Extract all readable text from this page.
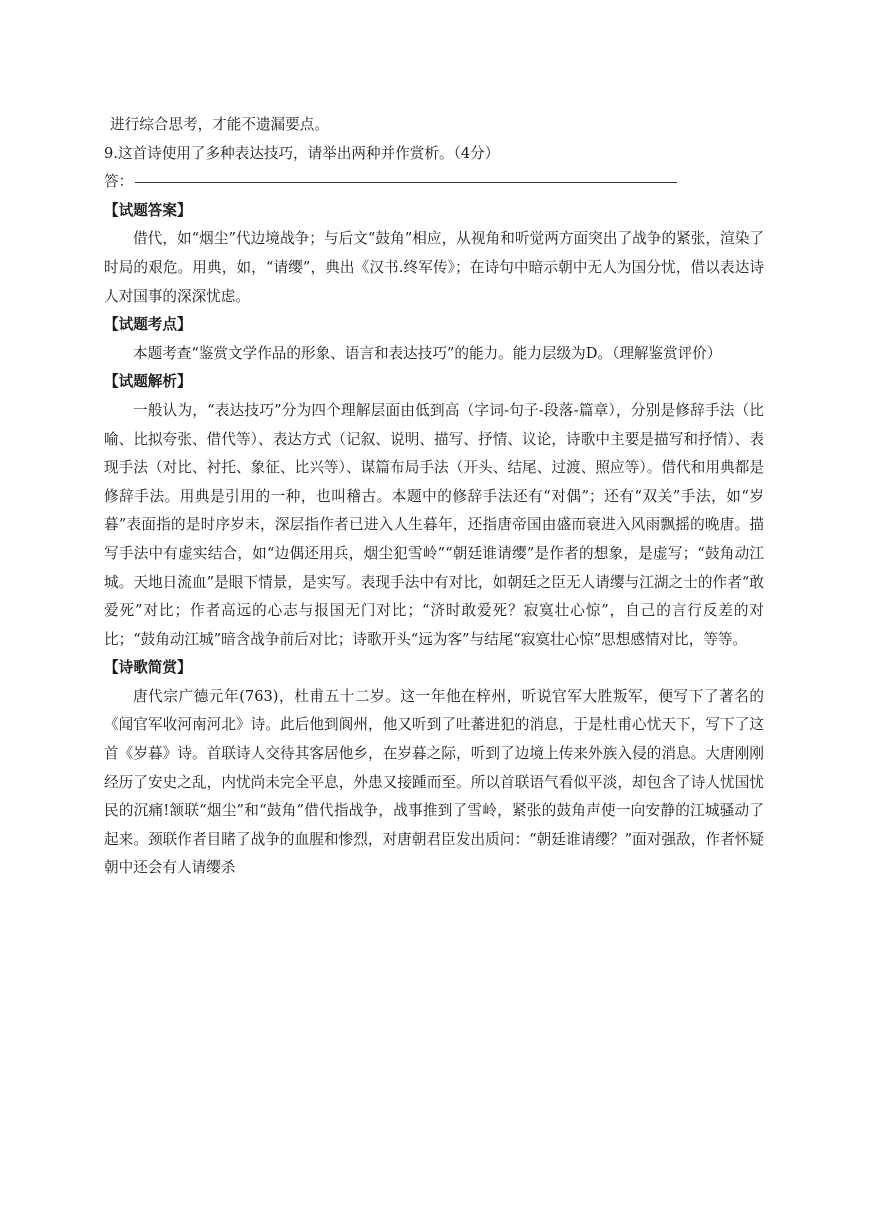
进行综合思考，才能不遗漏要点。

9.这首诗使用了多种表达技巧，请举出两种并作赏析。（4分）

答：

【试题答案】

借代，如“烟尘”代边境战争；与后文“鼓角”相应，从视角和听觉两方面突出了战争的紧张，渲染了时局的艰危。用典，如，“请缨”，典出《汉书.终军传》；在诗句中暗示朝中无人为国分忧，借以表达诗人对国事的深深忧虑。

【试题考点】

本题考查“鉴赏文学作品的形象、语言和表达技巧”的能力。能力层级为D。（理解鉴赏评价）

【试题解析】

一般认为，“表达技巧”分为四个理解层面由低到高（字词-句子-段落-篇章），分别是修辞手法（比喻、比拟夸张、借代等）、表达方式（记叙、说明、描写、抒情、议论，诗歌中主要是描写和抒情）、表现手法（对比、衬托、象征、比兴等）、谋篇布局手法（开头、结尾、过渡、照应等）。借代和用典都是修辞手法。用典是引用的一种，也叫稽古。本题中的修辞手法还有“对偶”；还有“双关”手法，如“岁暮”表面指的是时序岁末，深层指作者已进入人生暮年，还指唐帝国由盛而衰进入风雨飘摇的晚唐。描写手法中有虚实结合，如“边偶还用兵，烟尘犯雪岭”“朝廷谁请缨”是作者的想象，是虚写；“鼓角动江城。天地日流血”是眼下情景，是实写。表现手法中有对比，如朝廷之臣无人请缨与江湖之士的作者“敢爱死”对比；作者高远的心志与报国无门对比；“济时敢爱死？寂寞壮心惊”，自己的言行反差的对比；“鼓角动江城”暗含战争前后对比；诗歌开头“远为客”与结尾“寂寞壮心惊”思想感情对比，等等。

【诗歌简赏】

唐代宗广德元年(763)，杜甫五十二岁。这一年他在梓州，听说官军大胜叛军，便写下了著名的《闻官军收河南河北》诗。此后他到阆州，他又听到了吐蕃进犯的消息，于是杜甫心忧天下，写下了这首《岁暮》诗。首联诗人交待其客居他乡，在岁暮之际，听到了边境上传来外族入侵的消息。大唐刚刚经历了安史之乱，内忧尚未完全平息，外患又接踵而至。所以首联语气看似平淡，却包含了诗人忧国忧民的沉痛!颔联“烟尘”和“鼓角”借代指战争，战事推到了雪岭，紧张的鼓角声使一向安静的江城骚动了起来。颈联作者目睹了战争的血腥和惨烈，对唐朝君臣发出质问：“朝廷谁请缨？”面对强敌，作者怀疑朝中还会有人请缨杀
